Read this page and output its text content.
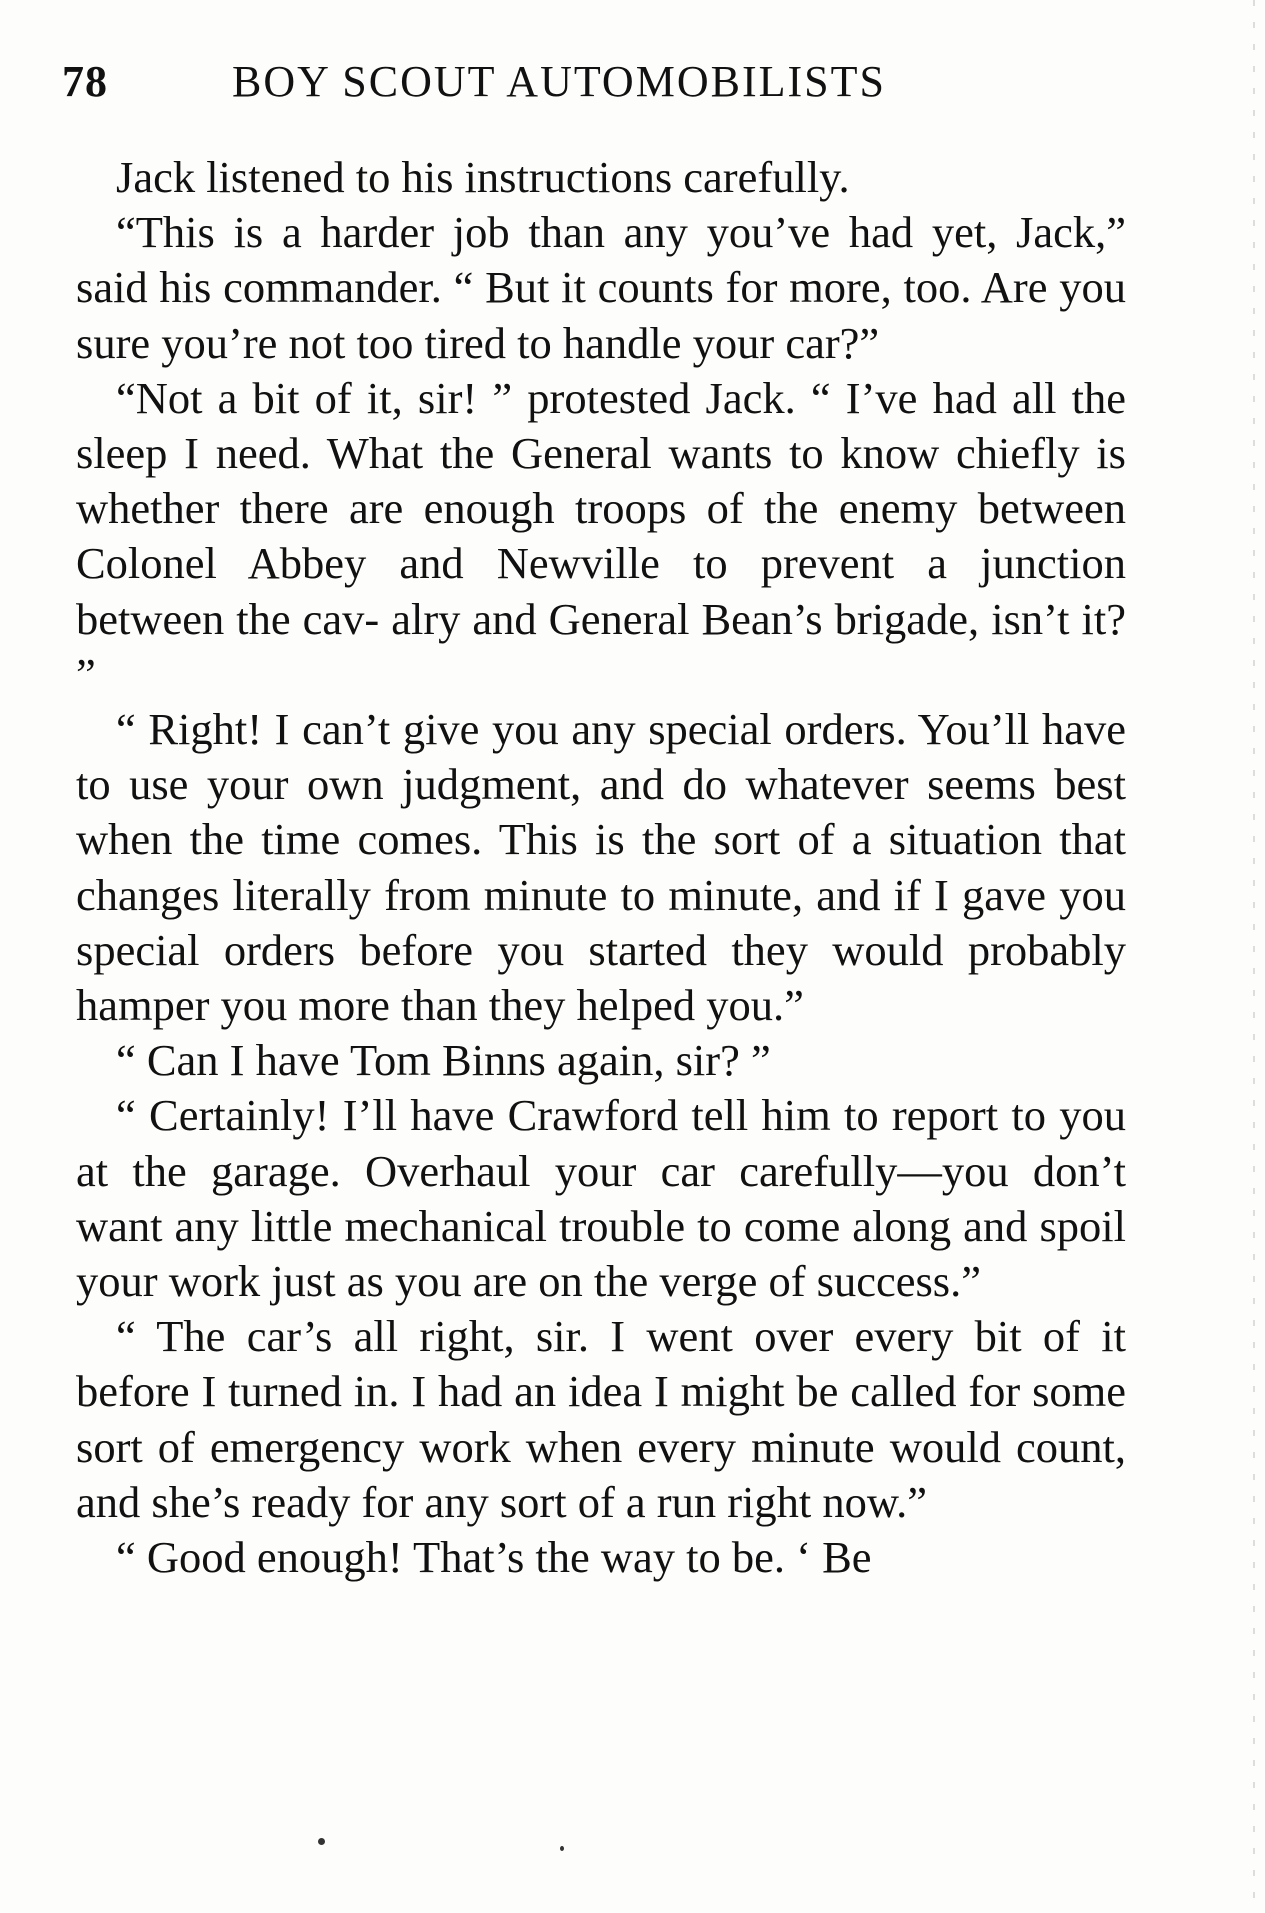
78	BOY SCOUT AUTOMOBILISTS

Jack listened to his instructions carefully.

“This is a harder job than any you’ve had yet, Jack,” said his commander. “ But it counts for more, too. Are you sure you’re not too tired to handle your car?”

“Not a bit of it, sir! ” protested Jack. “ I’ve had all the sleep I need. What the General wants to know chiefly is whether there are enough troops of the enemy between Colonel Abbey and Newville to prevent a junction between the cav- alry and General Bean’s brigade, isn’t it? ”

“ Right! I can’t give you any special orders. You’ll have to use your own judgment, and do whatever seems best when the time comes. This is the sort of a situation that changes literally from minute to minute, and if I gave you special orders before you started they would probably hamper you more than they helped you.”

“ Can I have Tom Binns again, sir? ”

“ Certainly! I’ll have Crawford tell him to report to you at the garage. Overhaul your car carefully—you don’t want any little mechanical trouble to come along and spoil your work just as you are on the verge of success.”

“ The car’s all right, sir. I went over every bit of it before I turned in. I had an idea I might be called for some sort of emergency work when every minute would count, and she’s ready for any sort of a run right now.”

“ Good enough! That’s the way to be. ‘ Be
